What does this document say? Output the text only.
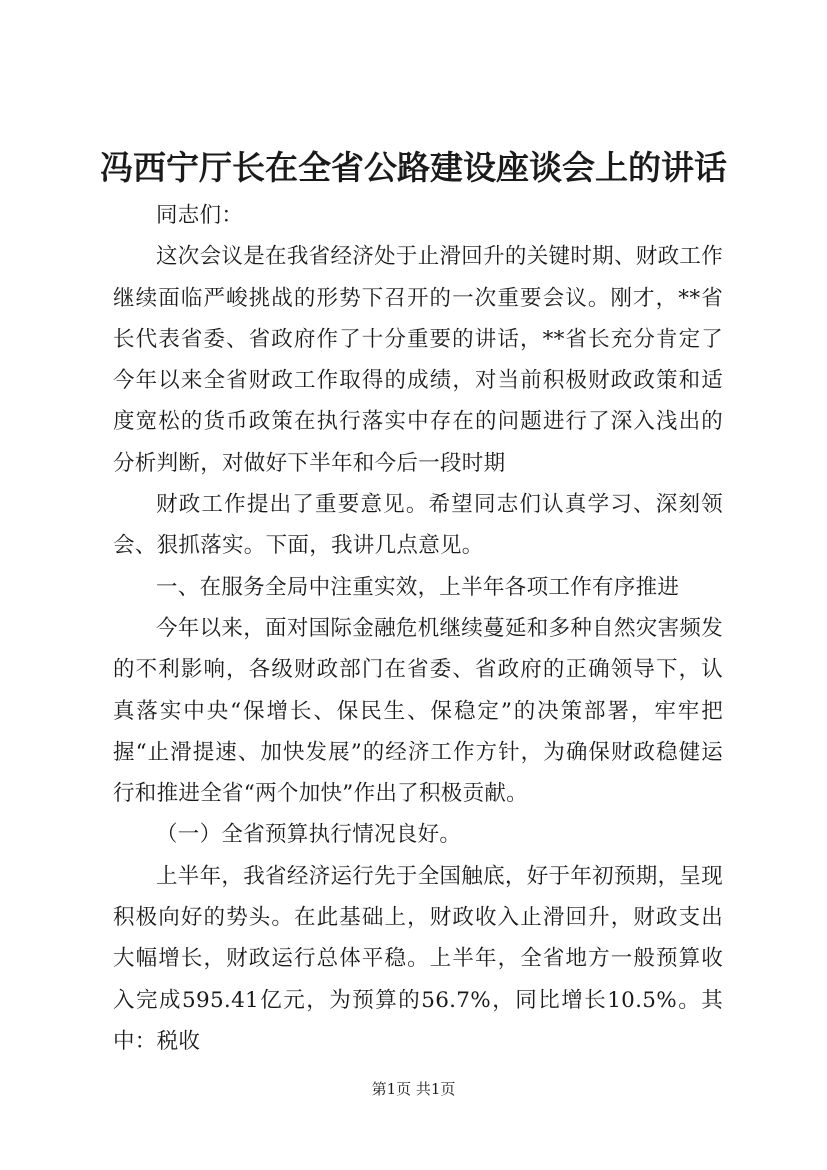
冯西宁厅长在全省公路建设座谈会上的讲话

同志们：

这次会议是在我省经济处于止滑回升的关键时期、财政工作继续面临严峻挑战的形势下召开的一次重要会议。刚才，**省长代表省委、省政府作了十分重要的讲话，**省长充分肯定了今年以来全省财政工作取得的成绩，对当前积极财政政策和适度宽松的货币政策在执行落实中存在的问题进行了深入浅出的分析判断，对做好下半年和今后一段时期

财政工作提出了重要意见。希望同志们认真学习、深刻领会、狠抓落实。下面，我讲几点意见。

一、在服务全局中注重实效，上半年各项工作有序推进

今年以来，面对国际金融危机继续蔓延和多种自然灾害频发的不利影响，各级财政部门在省委、省政府的正确领导下，认真落实中央“保增长、保民生、保稳定”的决策部署，牢牢把握“止滑提速、加快发展”的经济工作方针，为确保财政稳健运行和推进全省“两个加快”作出了积极贡献。

（一）全省预算执行情况良好。

上半年，我省经济运行先于全国触底，好于年初预期，呈现积极向好的势头。在此基础上，财政收入止滑回升，财政支出大幅增长，财政运行总体平稳。上半年，全省地方一般预算收入完成595.41亿元，为预算的56.7%，同比增长10.5%。其中：税收

第1页 共1页
